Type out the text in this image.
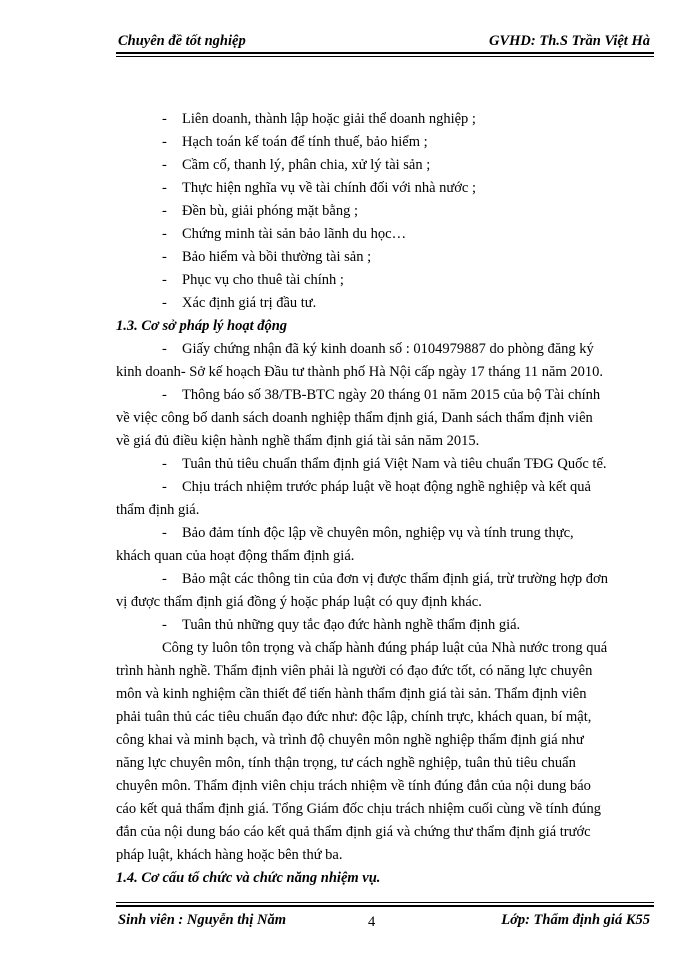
Chuyên đề tốt nghiệp	GVHD: Th.S Trần Việt Hà
- Liên doanh, thành lập hoặc giải thể doanh nghiệp ;
- Hạch toán kế toán để tính thuế, bảo hiểm ;
- Cầm cố, thanh lý, phân chia, xử lý tài sản ;
- Thực hiện nghĩa vụ về tài chính đối với nhà nước ;
- Đền bù, giải phóng mặt bằng ;
- Chứng minh tài sản bảo lãnh du học…
- Bảo hiểm và bồi thường tài sản ;
- Phục vụ cho thuê tài chính ;
- Xác định giá trị đầu tư.
1.3. Cơ sở pháp lý hoạt động
- Giấy chứng nhận đã ký kinh doanh số : 0104979887 do phòng đăng ký
kinh doanh- Sở kế hoạch Đầu tư thành phố Hà Nội cấp ngày 17 tháng 11 năm 2010.
- Thông báo số 38/TB-BTC ngày 20 tháng 01 năm 2015 của bộ Tài chính
về việc công bố danh sách doanh nghiệp thẩm định giá, Danh sách thẩm định viên
về giá đủ điều kiện hành nghề thẩm định giá tài sản năm 2015.
- Tuân thủ tiêu chuẩn thẩm định giá Việt Nam và tiêu chuẩn TĐG Quốc tế.
- Chịu trách nhiệm trước pháp luật về hoạt động nghề nghiệp và kết quả
thẩm định giá.
- Bảo đảm tính độc lập về chuyên môn, nghiệp vụ và tính trung thực,
khách quan của hoạt động thẩm định giá.
- Bảo mật các thông tin của đơn vị được thẩm định giá, trừ trường hợp đơn
vị được thẩm định giá đồng ý hoặc pháp luật có quy định khác.
- Tuân thủ những quy tắc đạo đức hành nghề thẩm định giá.
Công ty luôn tôn trọng và chấp hành đúng pháp luật của Nhà nước trong quá
trình hành nghề. Thẩm định viên phải là người có đạo đức tốt, có năng lực chuyên
môn và kinh nghiệm cần thiết để tiến hành thẩm định giá tài sản. Thẩm định viên
phải tuân thủ các tiêu chuẩn đạo đức như: độc lập, chính trực, khách quan, bí mật,
công khai và minh bạch, và trình độ chuyên môn nghề nghiệp thẩm định giá như
năng lực chuyên môn, tính thận trọng, tư cách nghề nghiệp, tuân thủ tiêu chuẩn
chuyên môn. Thẩm định viên chịu trách nhiệm về tính đúng đắn của nội dung báo
cáo kết quả thẩm định giá. Tổng Giám đốc chịu trách nhiệm cuối cùng về tính đúng
đắn của nội dung báo cáo kết quả thẩm định giá và chứng thư thẩm định giá trước
pháp luật, khách hàng hoặc bên thứ ba.
1.4. Cơ cấu tổ chức và chức năng nhiệm vụ.
Sinh viên : Nguyễn thị Năm	4	Lớp: Thẩm định giá K55
